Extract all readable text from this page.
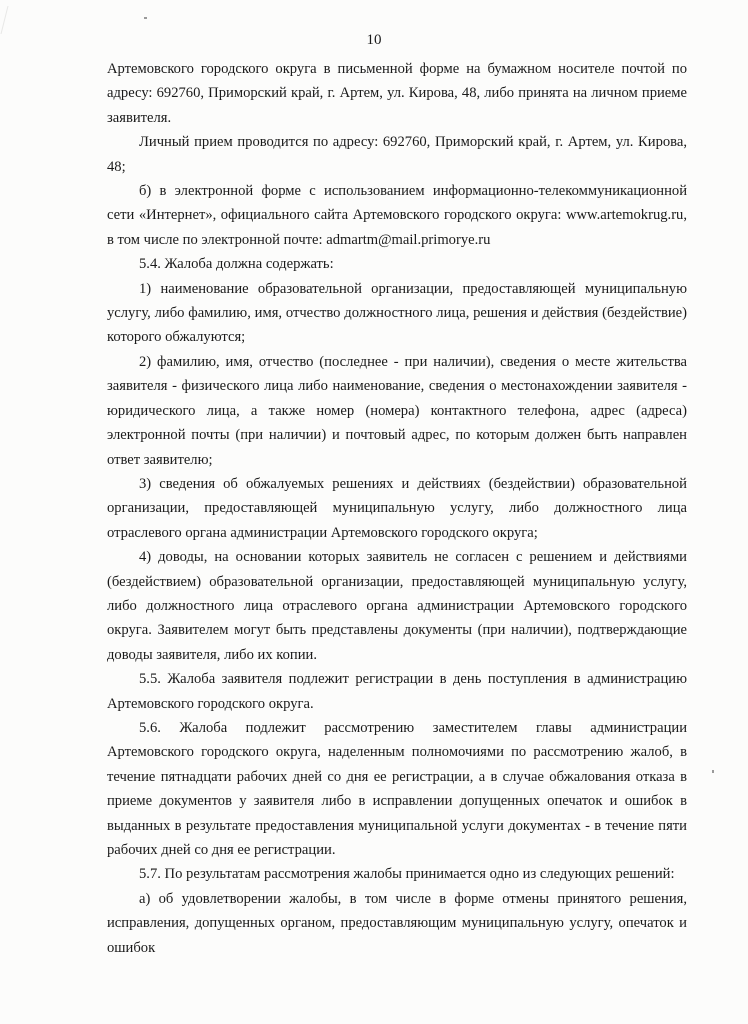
10

Артемовского городского округа в письменной форме на бумажном носителе почтой по адресу: 692760, Приморский край, г. Артем, ул. Кирова, 48, либо принята на личном приеме заявителя.

Личный прием проводится по адресу: 692760, Приморский край, г. Артем, ул. Кирова, 48;

б) в электронной форме с использованием информационно-телекоммуникационной сети «Интернет», официального сайта Артемовского городского округа: www.artemokrug.ru, в том числе по электронной почте: admartm@mail.primorye.ru

5.4. Жалоба должна содержать:

1) наименование образовательной организации, предоставляющей муниципальную услугу, либо фамилию, имя, отчество должностного лица, решения и действия (бездействие) которого обжалуются;

2) фамилию, имя, отчество (последнее - при наличии), сведения о месте жительства заявителя - физического лица либо наименование, сведения о местонахождении заявителя - юридического лица, а также номер (номера) контактного телефона, адрес (адреса) электронной почты (при наличии) и почтовый адрес, по которым должен быть направлен ответ заявителю;

3) сведения об обжалуемых решениях и действиях (бездействии) образовательной организации, предоставляющей муниципальную услугу, либо должностного лица отраслевого органа администрации Артемовского городского округа;

4) доводы, на основании которых заявитель не согласен с решением и действиями (бездействием) образовательной организации, предоставляющей муниципальную услугу, либо должностного лица отраслевого органа администрации Артемовского городского округа. Заявителем могут быть представлены документы (при наличии), подтверждающие доводы заявителя, либо их копии.

5.5. Жалоба заявителя подлежит регистрации в день поступления в администрацию Артемовского городского округа.

5.6. Жалоба подлежит рассмотрению заместителем главы администрации Артемовского городского округа, наделенным полномочиями по рассмотрению жалоб, в течение пятнадцати рабочих дней со дня ее регистрации, а в случае обжалования отказа в приеме документов у заявителя либо в исправлении допущенных опечаток и ошибок в выданных в результате предоставления муниципальной услуги документах - в течение пяти рабочих дней со дня ее регистрации.

5.7. По результатам рассмотрения жалобы принимается одно из следующих решений:

а) об удовлетворении жалобы, в том числе в форме отмены принятого решения, исправления, допущенных органом, предоставляющим муниципальную услугу, опечаток и ошибок
